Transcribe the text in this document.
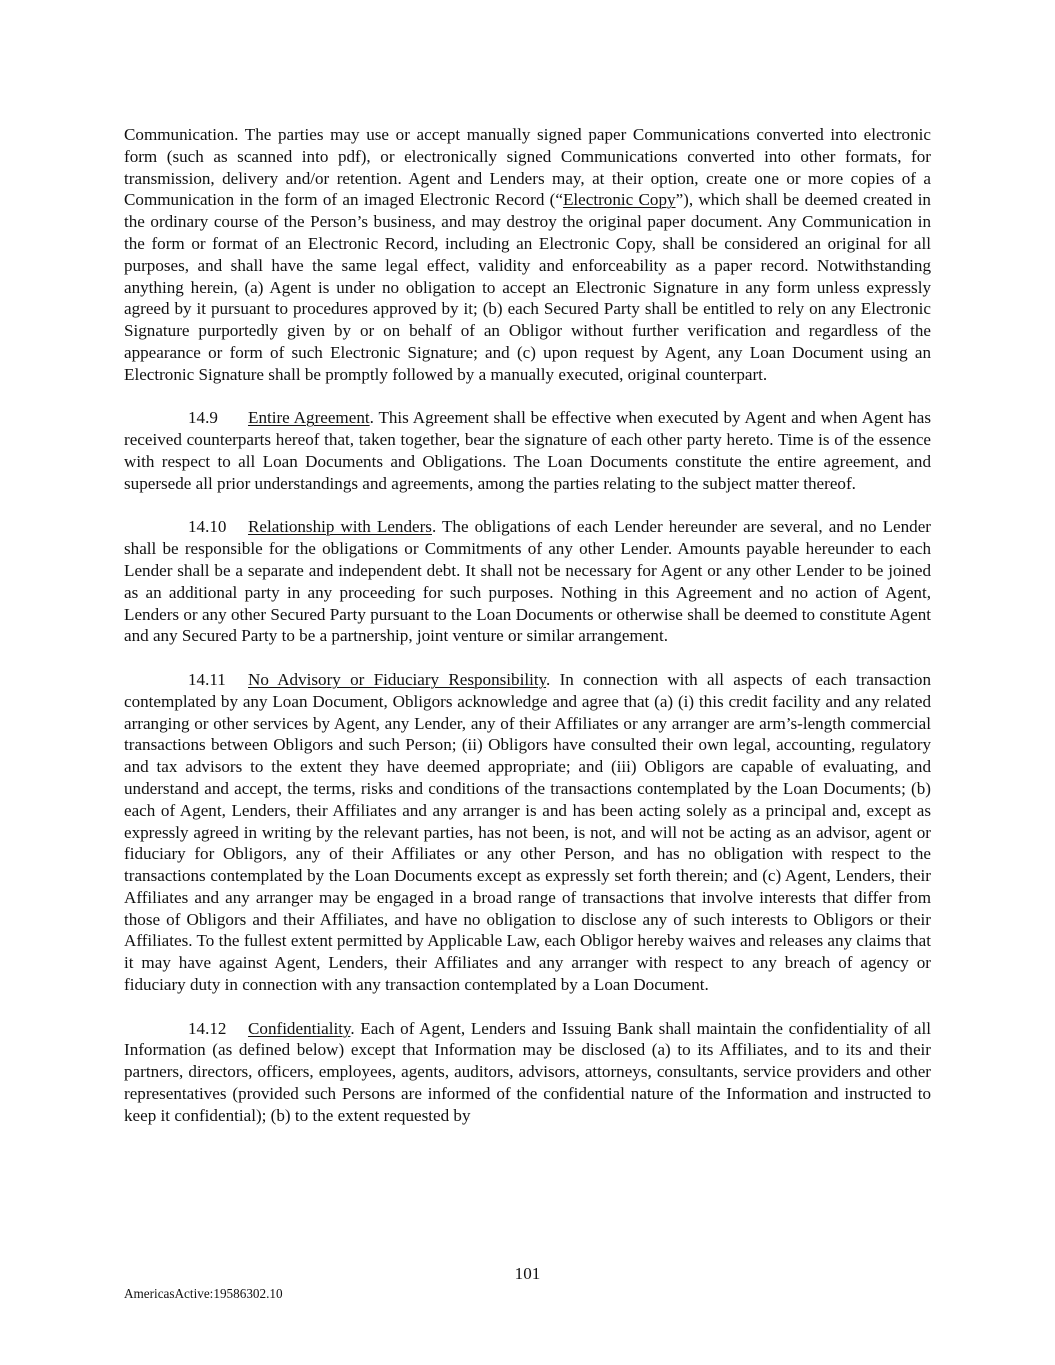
Communication. The parties may use or accept manually signed paper Communications converted into electronic form (such as scanned into pdf), or electronically signed Communications converted into other formats, for transmission, delivery and/or retention. Agent and Lenders may, at their option, create one or more copies of a Communication in the form of an imaged Electronic Record (“Electronic Copy”), which shall be deemed created in the ordinary course of the Person’s business, and may destroy the original paper document. Any Communication in the form or format of an Electronic Record, including an Electronic Copy, shall be considered an original for all purposes, and shall have the same legal effect, validity and enforceability as a paper record. Notwithstanding anything herein, (a) Agent is under no obligation to accept an Electronic Signature in any form unless expressly agreed by it pursuant to procedures approved by it; (b) each Secured Party shall be entitled to rely on any Electronic Signature purportedly given by or on behalf of an Obligor without further verification and regardless of the appearance or form of such Electronic Signature; and (c) upon request by Agent, any Loan Document using an Electronic Signature shall be promptly followed by a manually executed, original counterpart.

14.9 Entire Agreement. This Agreement shall be effective when executed by Agent and when Agent has received counterparts hereof that, taken together, bear the signature of each other party hereto. Time is of the essence with respect to all Loan Documents and Obligations. The Loan Documents constitute the entire agreement, and supersede all prior understandings and agreements, among the parties relating to the subject matter thereof.

14.10 Relationship with Lenders. The obligations of each Lender hereunder are several, and no Lender shall be responsible for the obligations or Commitments of any other Lender. Amounts payable hereunder to each Lender shall be a separate and independent debt. It shall not be necessary for Agent or any other Lender to be joined as an additional party in any proceeding for such purposes. Nothing in this Agreement and no action of Agent, Lenders or any other Secured Party pursuant to the Loan Documents or otherwise shall be deemed to constitute Agent and any Secured Party to be a partnership, joint venture or similar arrangement.

14.11 No Advisory or Fiduciary Responsibility. In connection with all aspects of each transaction contemplated by any Loan Document, Obligors acknowledge and agree that (a) (i) this credit facility and any related arranging or other services by Agent, any Lender, any of their Affiliates or any arranger are arm’s-length commercial transactions between Obligors and such Person; (ii) Obligors have consulted their own legal, accounting, regulatory and tax advisors to the extent they have deemed appropriate; and (iii) Obligors are capable of evaluating, and understand and accept, the terms, risks and conditions of the transactions contemplated by the Loan Documents; (b) each of Agent, Lenders, their Affiliates and any arranger is and has been acting solely as a principal and, except as expressly agreed in writing by the relevant parties, has not been, is not, and will not be acting as an advisor, agent or fiduciary for Obligors, any of their Affiliates or any other Person, and has no obligation with respect to the transactions contemplated by the Loan Documents except as expressly set forth therein; and (c) Agent, Lenders, their Affiliates and any arranger may be engaged in a broad range of transactions that involve interests that differ from those of Obligors and their Affiliates, and have no obligation to disclose any of such interests to Obligors or their Affiliates. To the fullest extent permitted by Applicable Law, each Obligor hereby waives and releases any claims that it may have against Agent, Lenders, their Affiliates and any arranger with respect to any breach of agency or fiduciary duty in connection with any transaction contemplated by a Loan Document.

14.12 Confidentiality. Each of Agent, Lenders and Issuing Bank shall maintain the confidentiality of all Information (as defined below) except that Information may be disclosed (a) to its Affiliates, and to its and their partners, directors, officers, employees, agents, auditors, advisors, attorneys, consultants, service providers and other representatives (provided such Persons are informed of the confidential nature of the Information and instructed to keep it confidential); (b) to the extent requested by

101
AmericasActive:19586302.10
